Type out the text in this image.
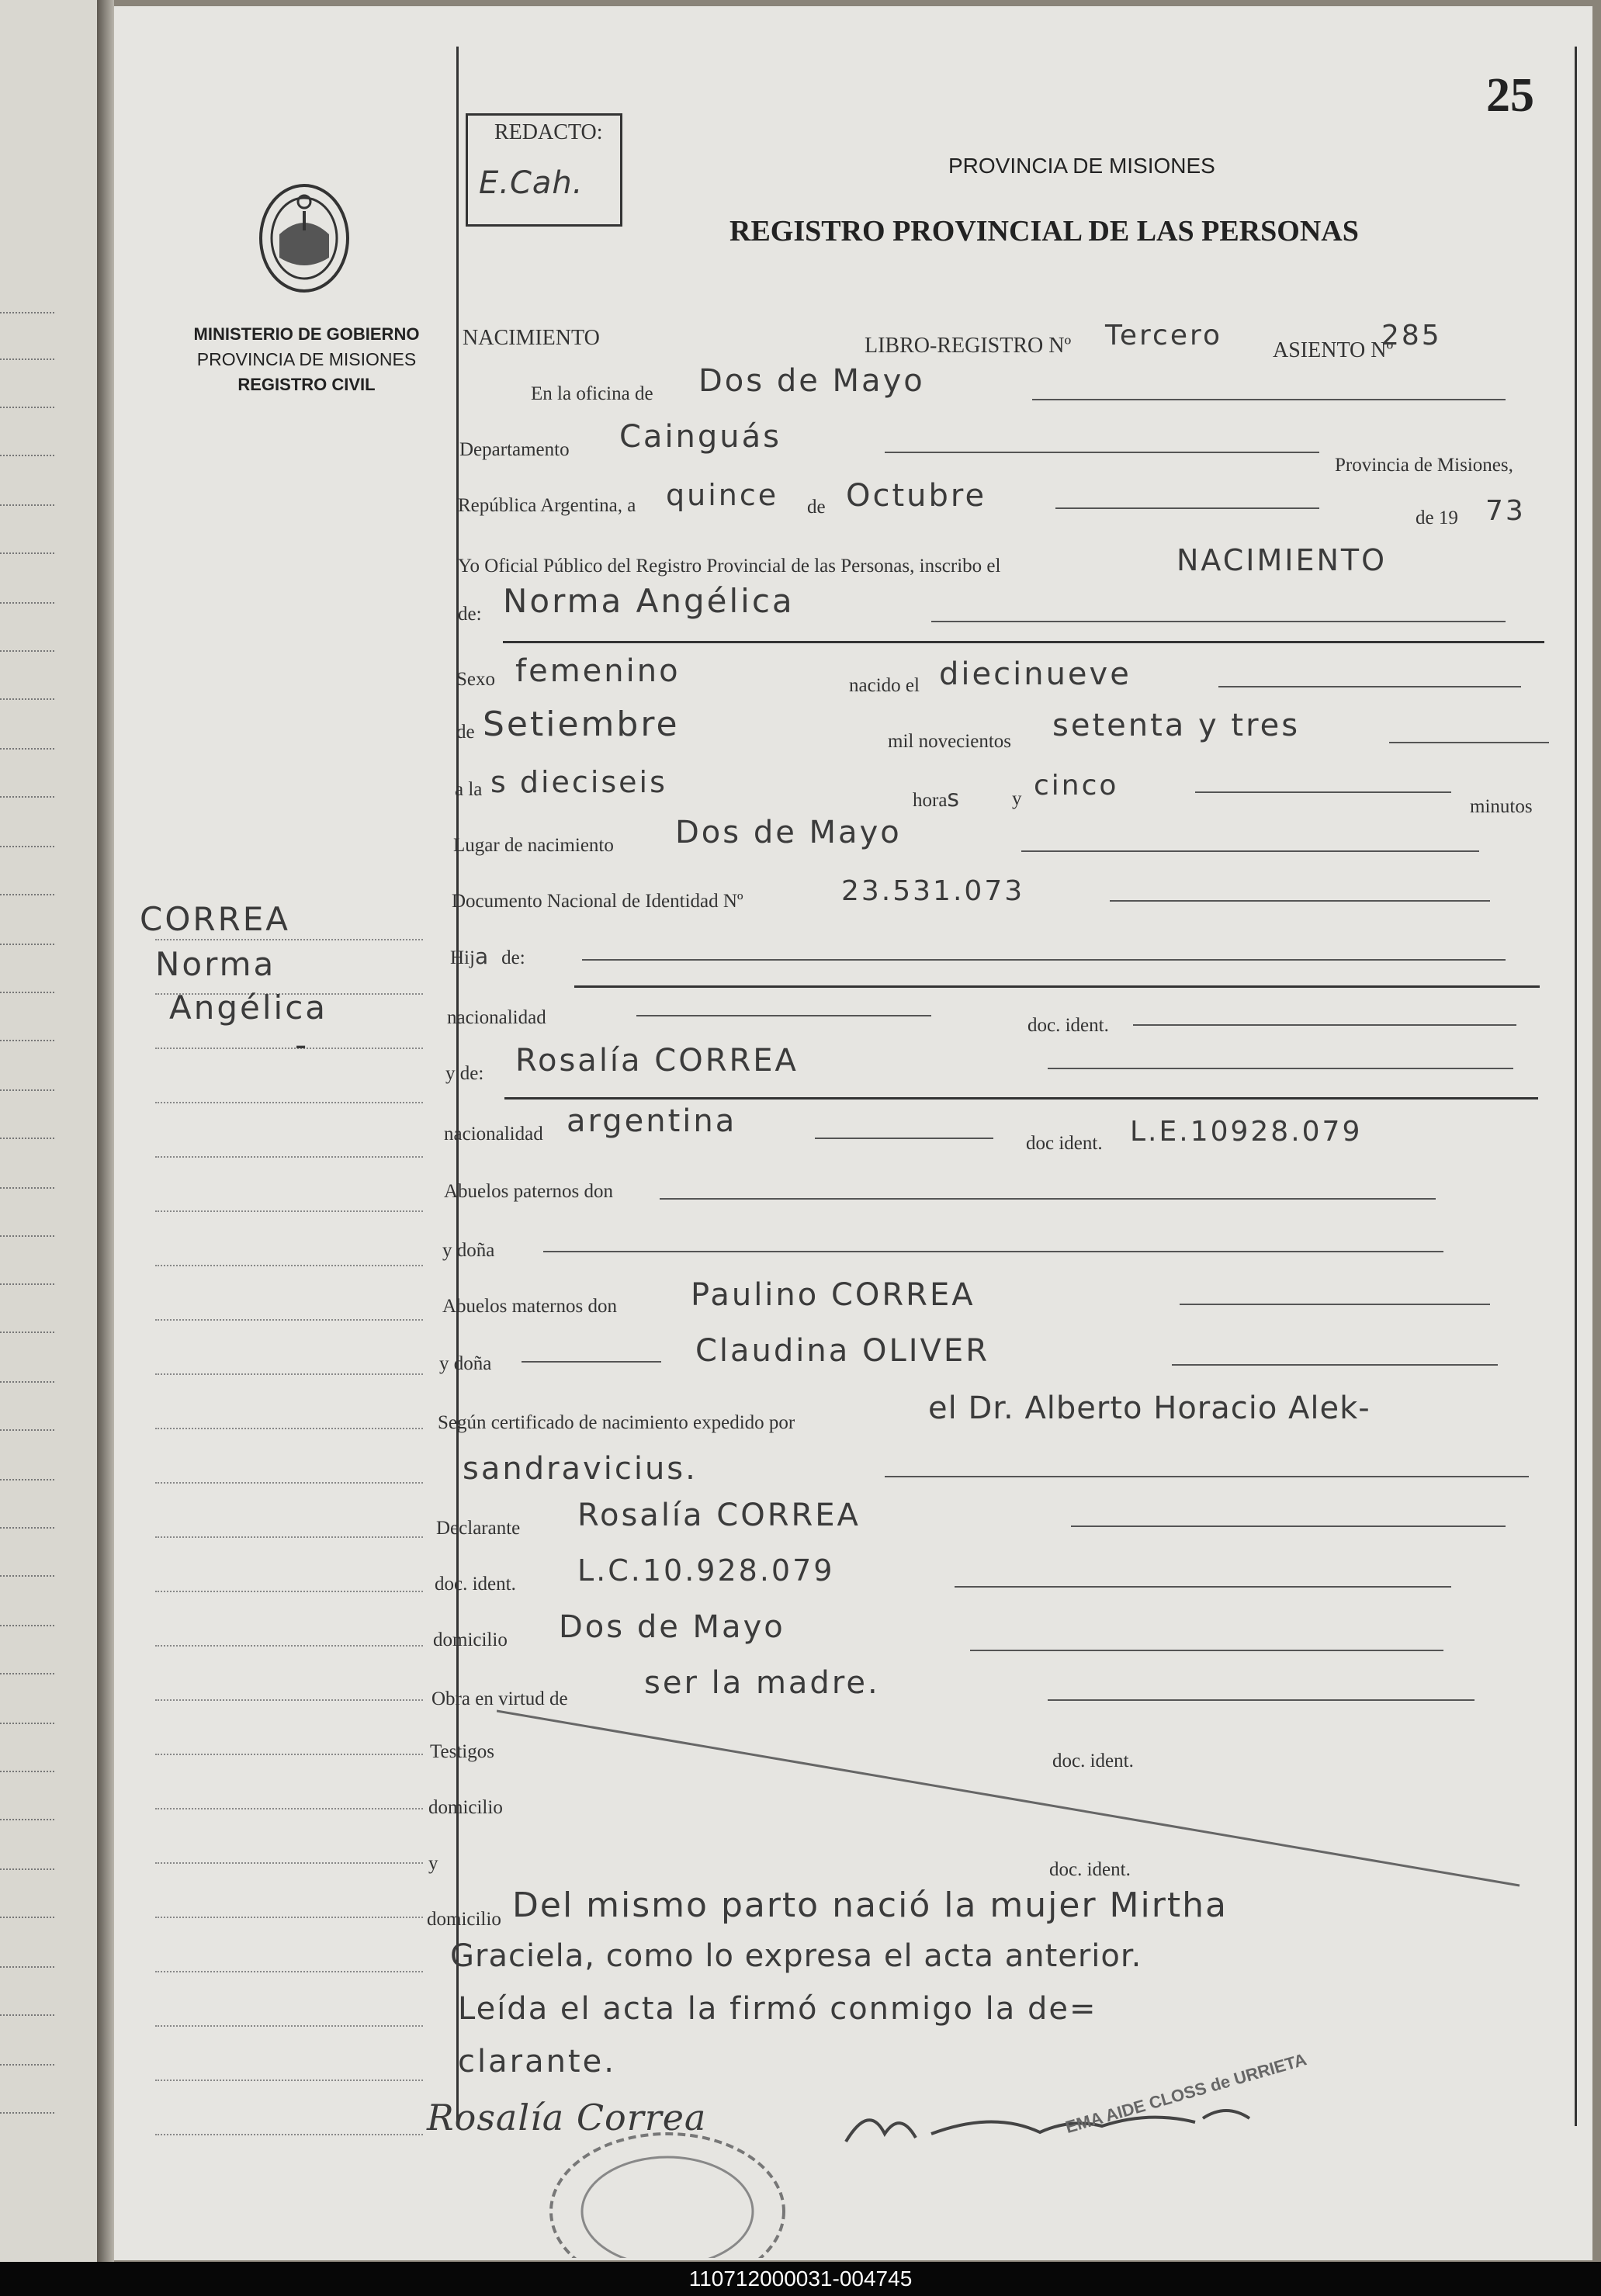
25
REDACTO:
E.Cah.
MINISTERIO DE GOBIERNO
PROVINCIA DE MISIONES
REGISTRO CIVIL
PROVINCIA DE MISIONES
REGISTRO PROVINCIAL DE LAS PERSONAS
CORREA
Norma
Angélica
-
NACIMIENTO	LIBRO-REGISTRO Nº Tercero ASIENTO Nº
285
En la oficina de Dos de Mayo
Departamento Cainguás
Provincia de Misiones,
República Argentina, a quince de Octubre
de 19 73
Yo Oficial Público del Registro Provincial de las Personas, inscribo el	NACIMIENTO
de: Norma Angélica
Sexo femenino	nacido el diecinueve
de Setiembre	mil novecientos setenta y tres
a la s dieciseis
horas	y cinco
minutos
Lugar de nacimiento Dos de Mayo
Documento Nacional de Identidad Nº	23.531.073
Hija de:
nacionalidad	doc. ident.
y de: Rosalía CORREA
nacionalidad argentina
doc ident. L.E.10928.079
Abuelos paternos don
y doña
Abuelos maternos don Paulino CORREA
y doña	Claudina OLIVER
Según certificado de nacimiento expedido por	el Dr. Alberto Horacio Alek-
sandravicius.
Declarante Rosalía CORREA
doc. ident. L.C.10.928.079
domicilio Dos de Mayo
Obra en virtud de ser la madre.
Testigos	doc. ident.
domicilio
y	doc. ident.
domicilio Del mismo parto nació la mujer Mirtha
Graciela, como lo expresa el acta anterior.
Leída el acta la firmó conmigo la de=
clarante.
Rosalía Correa	EMA AIDE CLOSS de URRIETA
110712000031-004745
